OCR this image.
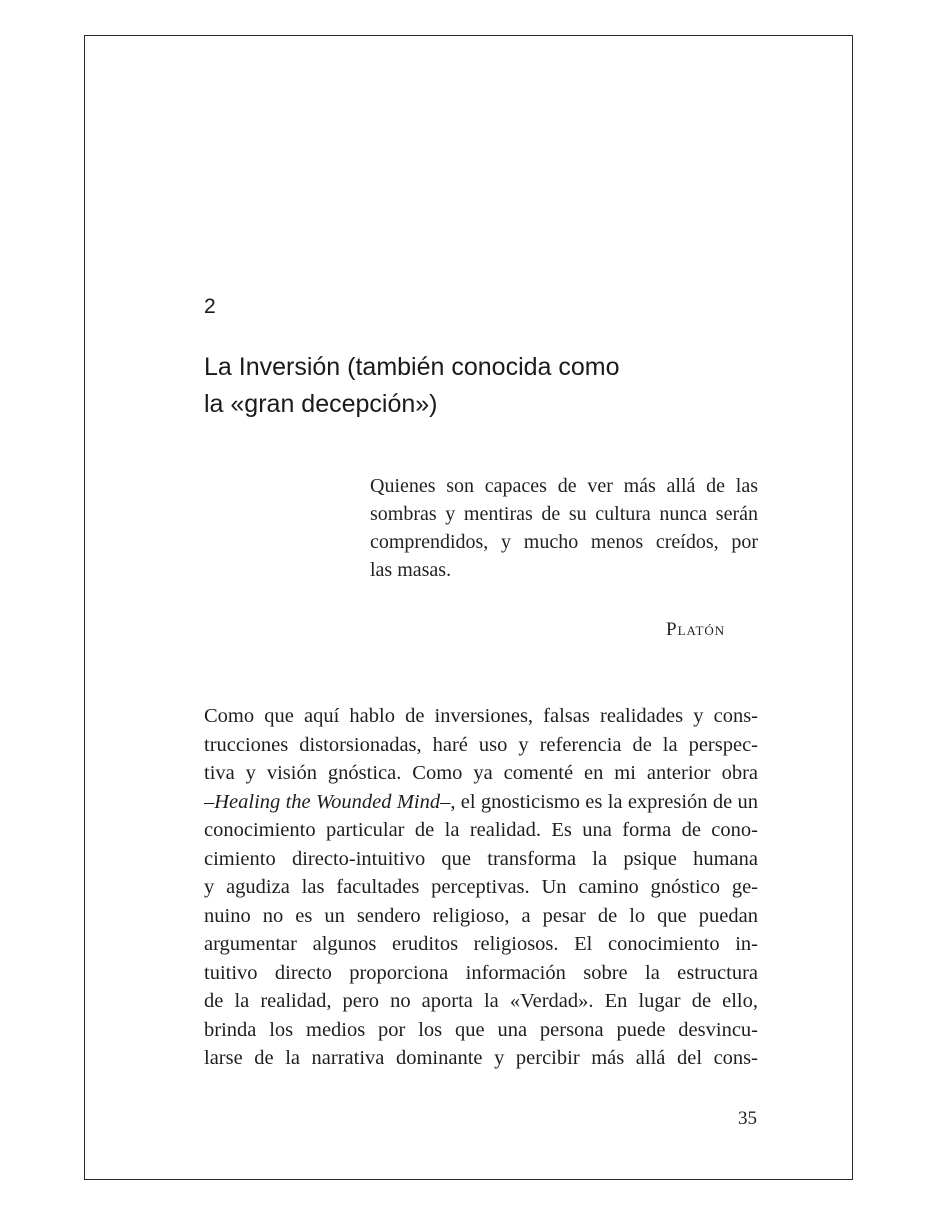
2
La Inversión (también conocida como
la «gran decepción»)
Quienes son capaces de ver más allá de las
sombras y mentiras de su cultura nunca serán
comprendidos, y mucho menos creídos, por
las masas.
Platón
Como que aquí hablo de inversiones, falsas realidades y cons-
trucciones distorsionadas, haré uso y referencia de la perspec-
tiva y visión gnóstica. Como ya comenté en mi anterior obra
–Healing the Wounded Mind–, el gnosticismo es la expresión de un
conocimiento particular de la realidad. Es una forma de cono-
cimiento directo-intuitivo que transforma la psique humana
y agudiza las facultades perceptivas. Un camino gnóstico ge-
nuino no es un sendero religioso, a pesar de lo que puedan
argumentar algunos eruditos religiosos. El conocimiento in-
tuitivo directo proporciona información sobre la estructura
de la realidad, pero no aporta la «Verdad». En lugar de ello,
brinda los medios por los que una persona puede desvincu-
larse de la narrativa dominante y percibir más allá del cons-
35
